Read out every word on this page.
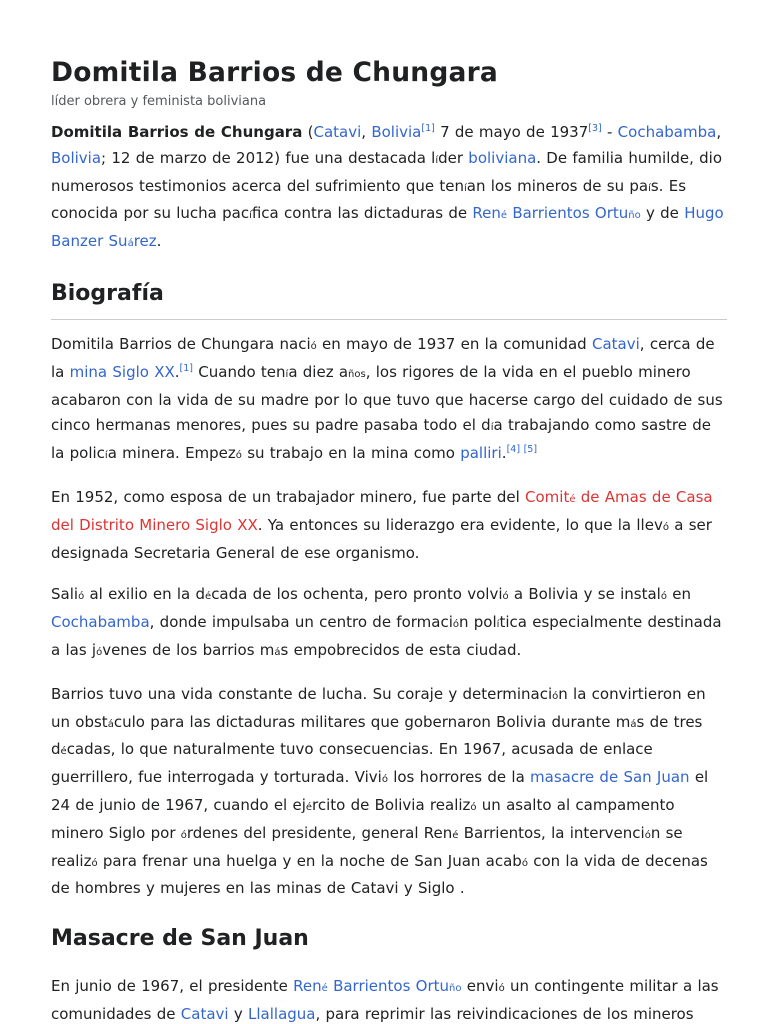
Domitila Barrios de Chungara
líder obrera y feminista boliviana

Domitila Barrios de Chungara (Catavi, Bolivia[1] 7 de mayo de 1937[3] - Cochabamba, Bolivia; 12 de marzo de 2012) fue una destacada líder boliviana. De familia humilde, dio numerosos testimonios acerca del sufrimiento que tenían los mineros de su país. Es conocida por su lucha pacífica contra las dictaduras de René Barrientos Ortuño y de Hugo Banzer Suárez.

Biografía

Domitila Barrios de Chungara nació en mayo de 1937 en la comunidad Catavi, cerca de la mina Siglo XX.[1] Cuando tenía diez años, los rigores de la vida en el pueblo minero acabaron con la vida de su madre por lo que tuvo que hacerse cargo del cuidado de sus cinco hermanas menores, pues su padre pasaba todo el día trabajando como sastre de la policía minera. Empezó su trabajo en la mina como palliri.[4] [5]

En 1952, como esposa de un trabajador minero, fue parte del Comité de Amas de Casa del Distrito Minero Siglo XX. Ya entonces su liderazgo era evidente, lo que la llevó a ser designada Secretaria General de ese organismo.

Salió al exilio en la década de los ochenta, pero pronto volvió a Bolivia y se instaló en Cochabamba, donde impulsaba un centro de formación política especialmente destinada a las jóvenes de los barrios más empobrecidos de esta ciudad.

Barrios tuvo una vida constante de lucha. Su coraje y determinación la convirtieron en un obstáculo para las dictaduras militares que gobernaron Bolivia durante más de tres décadas, lo que naturalmente tuvo consecuencias. En 1967, acusada de enlace guerrillero, fue interrogada y torturada. Vivió los horrores de la masacre de San Juan el 24 de junio de 1967, cuando el ejército de Bolivia realizó un asalto al campamento minero Siglo por órdenes del presidente, general René Barrientos, la intervención se realizó para frenar una huelga y en la noche de San Juan acabó con la vida de decenas de hombres y mujeres en las minas de Catavi y Siglo .

Masacre de San Juan

En junio de 1967, el presidente René Barrientos Ortuño envió un contingente militar a las comunidades de Catavi y Llallagua, para reprimir las reivindicaciones de los mineros
